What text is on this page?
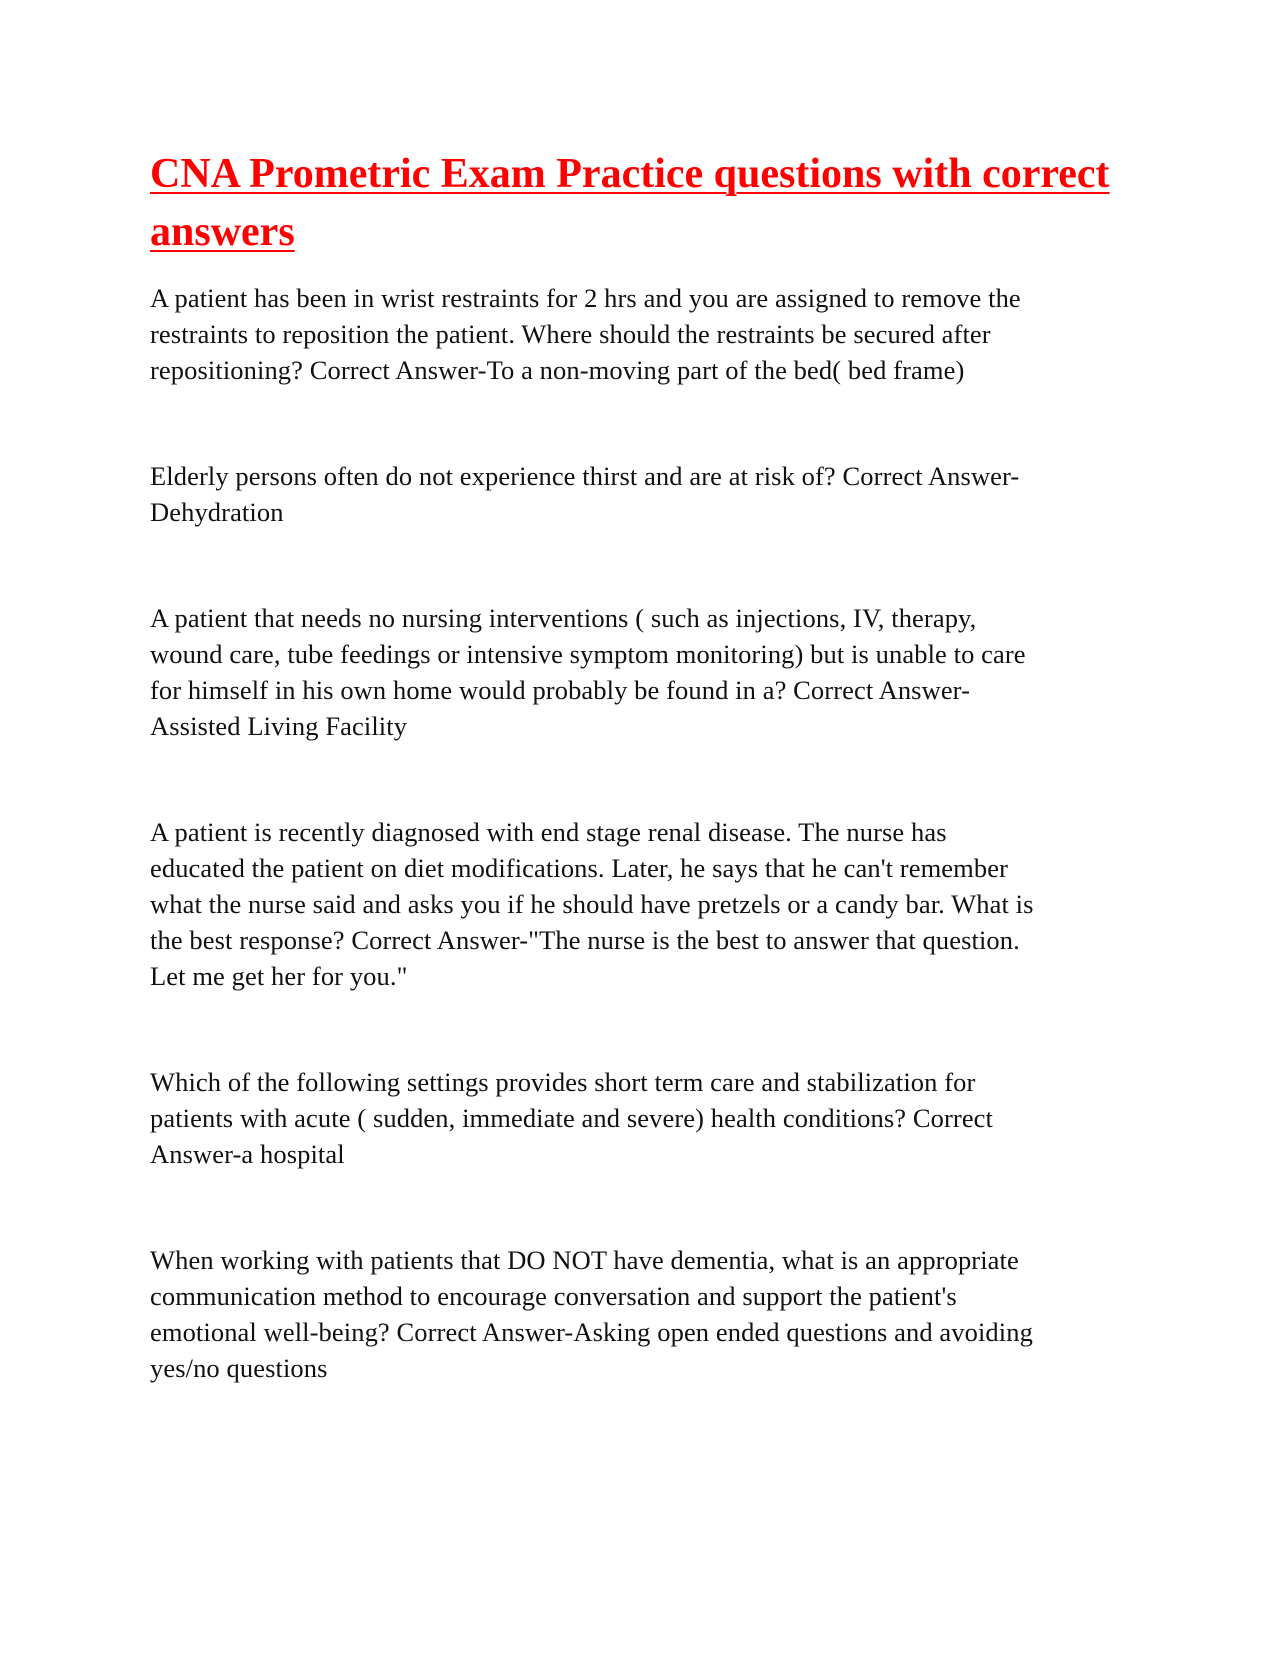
CNA Prometric Exam Practice questions with correct answers

A patient has been in wrist restraints for 2 hrs and you are assigned to remove the
restraints to reposition the patient. Where should the restraints be secured after
repositioning? Correct Answer-To a non-moving part of the bed( bed frame)

Elderly persons often do not experience thirst and are at risk of? Correct Answer-
Dehydration

A patient that needs no nursing interventions ( such as injections, IV, therapy,
wound care, tube feedings or intensive symptom monitoring) but is unable to care
for himself in his own home would probably be found in a? Correct Answer-
Assisted Living Facility

A patient is recently diagnosed with end stage renal disease. The nurse has
educated the patient on diet modifications. Later, he says that he can't remember
what the nurse said and asks you if he should have pretzels or a candy bar. What is
the best response? Correct Answer-"The nurse is the best to answer that question.
Let me get her for you."

Which of the following settings provides short term care and stabilization for
patients with acute ( sudden, immediate and severe) health conditions? Correct
Answer-a hospital

When working with patients that DO NOT have dementia, what is an appropriate
communication method to encourage conversation and support the patient's
emotional well-being? Correct Answer-Asking open ended questions and avoiding
yes/no questions
